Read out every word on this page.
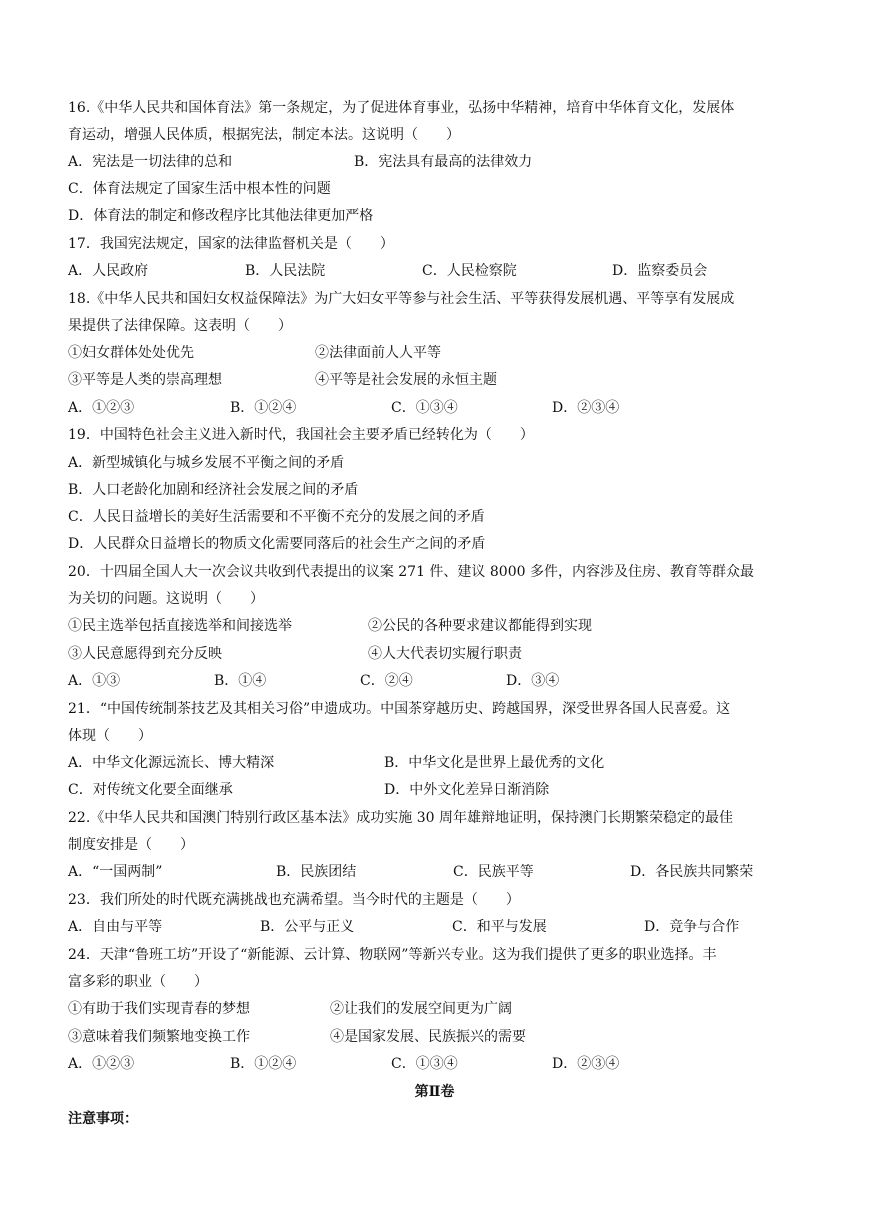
16.《中华人民共和国体育法》第一条规定，为了促进体育事业，弘扬中华精神，培育中华体育文化，发展体
育运动，增强人民体质，根据宪法，制定本法。这说明（　　）
A．宪法是一切法律的总和	B．宪法具有最高的法律效力
C．体育法规定了国家生活中根本性的问题
D．体育法的制定和修改程序比其他法律更加严格
17．我国宪法规定，国家的法律监督机关是（　　）
A．人民政府	B．人民法院	C．人民检察院	D．监察委员会
18.《中华人民共和国妇女权益保障法》为广大妇女平等参与社会生活、平等获得发展机遇、平等享有发展成
果提供了法律保障。这表明（　　）
①妇女群体处处优先	②法律面前人人平等
③平等是人类的崇高理想	④平等是社会发展的永恒主题
A．①②③	B．①②④	C．①③④	D．②③④
19．中国特色社会主义进入新时代，我国社会主要矛盾已经转化为（　　）
A．新型城镇化与城乡发展不平衡之间的矛盾
B．人口老龄化加剧和经济社会发展之间的矛盾
C．人民日益增长的美好生活需要和不平衡不充分的发展之间的矛盾
D．人民群众日益增长的物质文化需要同落后的社会生产之间的矛盾
20．十四届全国人大一次会议共收到代表提出的议案 271 件、建议 8000 多件，内容涉及住房、教育等群众最
为关切的问题。这说明（　　）
①民主选举包括直接选举和间接选举	②公民的各种要求建议都能得到实现
③人民意愿得到充分反映	④人大代表切实履行职责
A．①③	B．①④	C．②④	D．③④
21．“中国传统制茶技艺及其相关习俗”申遗成功。中国茶穿越历史、跨越国界，深受世界各国人民喜爱。这
体现（　　）
A．中华文化源远流长、博大精深	B．中华文化是世界上最优秀的文化
C．对传统文化要全面继承	D．中外文化差异日渐消除
22.《中华人民共和国澳门特别行政区基本法》成功实施 30 周年雄辩地证明，保持澳门长期繁荣稳定的最佳
制度安排是（　　）
A．“一国两制”	B．民族团结	C．民族平等	D．各民族共同繁荣
23．我们所处的时代既充满挑战也充满希望。当今时代的主题是（　　）
A．自由与平等	B．公平与正义	C．和平与发展	D．竞争与合作
24．天津“鲁班工坊”开设了“新能源、云计算、物联网”等新兴专业。这为我们提供了更多的职业选择。丰
富多彩的职业（　　）
①有助于我们实现青春的梦想	②让我们的发展空间更为广阔
③意味着我们频繁地变换工作	④是国家发展、民族振兴的需要
A．①②③	B．①②④	C．①③④	D．②③④
第Ⅱ卷
注意事项：
